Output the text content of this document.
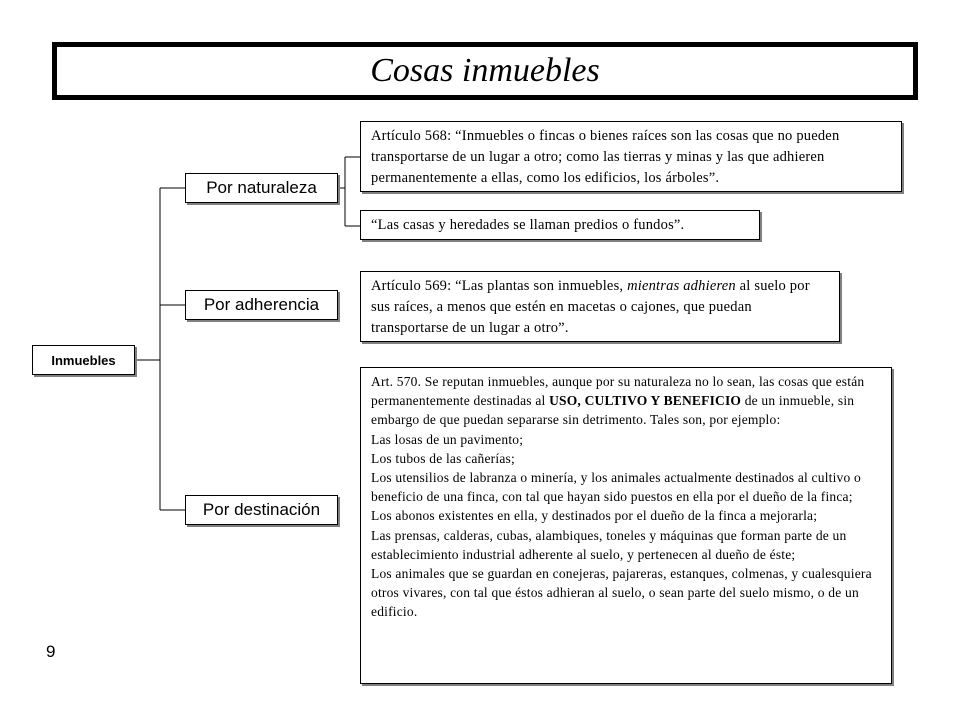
Cosas inmuebles
Inmuebles
Por naturaleza
Por adherencia
Por destinación
Artículo 568: “Inmuebles o fincas o bienes raíces son las cosas que no pueden transportarse de un lugar a otro; como las tierras y minas y las que adhieren permanentemente a ellas, como los edificios, los árboles”.
“Las casas y heredades se llaman predios o fundos”.
Artículo 569: “Las plantas son inmuebles, mientras adhieren al suelo por sus raíces, a menos que estén en macetas o cajones, que puedan transportarse de un lugar a otro”.

Art. 570. Se reputan inmuebles, aunque por su naturaleza no lo sean, las cosas que están permanentemente destinadas al USO, CULTIVO Y BENEFICIO de un inmueble, sin embargo de que puedan separarse sin detrimento. Tales son, por ejemplo:

Las losas de un pavimento;

Los tubos de las cañerías;

Los utensilios de labranza o minería, y los animales actualmente destinados al cultivo o beneficio de una finca, con tal que hayan sido puestos en ella por el dueño de la finca;

Los abonos existentes en ella, y destinados por el dueño de la finca a mejorarla;

Las prensas, calderas, cubas, alambiques, toneles y máquinas que forman parte de un establecimiento industrial adherente al suelo, y pertenecen al dueño de éste;

Los animales que se guardan en conejeras, pajareras, estanques, colmenas, y cualesquiera otros vivares, con tal que éstos adhieran al suelo, o sean parte del suelo mismo, o de un edificio.

9
